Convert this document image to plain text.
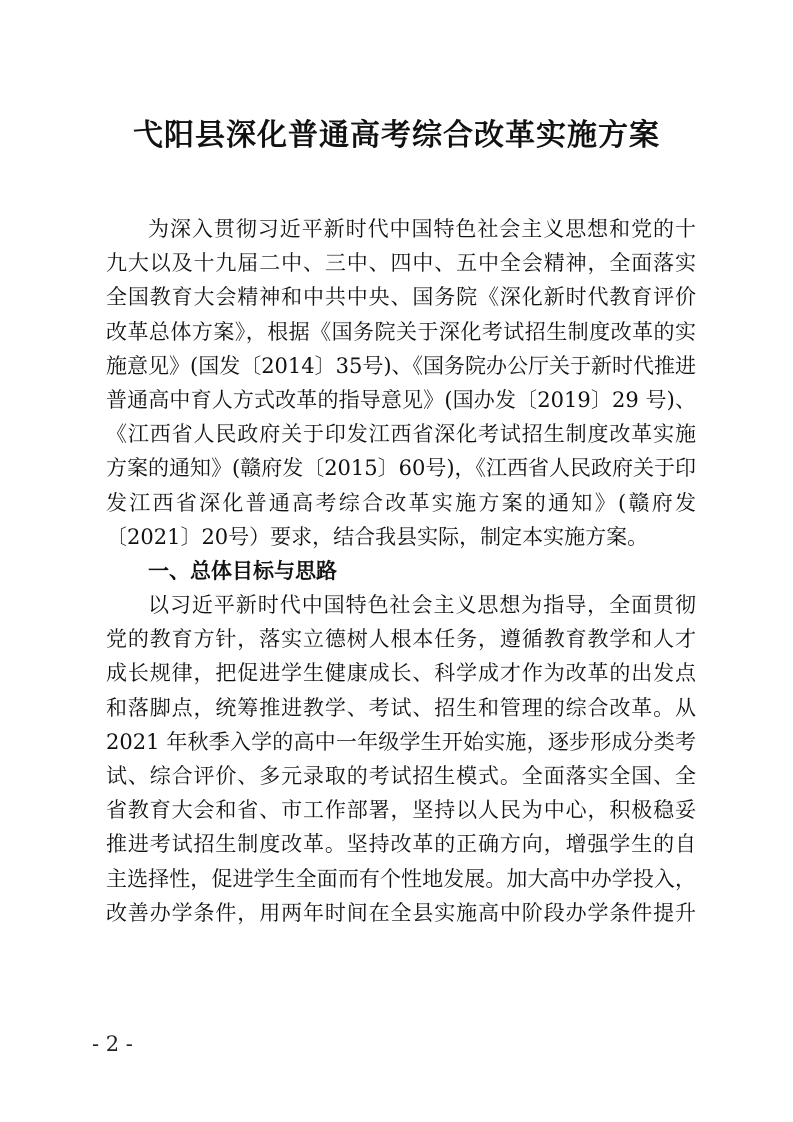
弋阳县深化普通高考综合改革实施方案
为深入贯彻习近平新时代中国特色社会主义思想和党的十
九大以及十九届二中、三中、四中、五中全会精神，全面落实
全国教育大会精神和中共中央、国务院《深化新时代教育评价
改革总体方案》，根据《国务院关于深化考试招生制度改革的实
施意见》(国发〔2014〕35号)、《国务院办公厅关于新时代推进
普通高中育人方式改革的指导意见》(国办发〔2019〕29 号)、
《江西省人民政府关于印发江西省深化考试招生制度改革实施
方案的通知》(赣府发〔2015〕60号)，《江西省人民政府关于印
发江西省深化普通高考综合改革实施方案的通知》(赣府发
〔2021〕20号）要求，结合我县实际，制定本实施方案。
一、总体目标与思路
以习近平新时代中国特色社会主义思想为指导，全面贯彻
党的教育方针，落实立德树人根本任务，遵循教育教学和人才
成长规律，把促进学生健康成长、科学成才作为改革的出发点
和落脚点，统筹推进教学、考试、招生和管理的综合改革。从
2021 年秋季入学的高中一年级学生开始实施，逐步形成分类考
试、综合评价、多元录取的考试招生模式。全面落实全国、全
省教育大会和省、市工作部署，坚持以人民为中心，积极稳妥
推进考试招生制度改革。坚持改革的正确方向，增强学生的自
主选择性，促进学生全面而有个性地发展。加大高中办学投入，
改善办学条件，用两年时间在全县实施高中阶段办学条件提升
- 2 -
